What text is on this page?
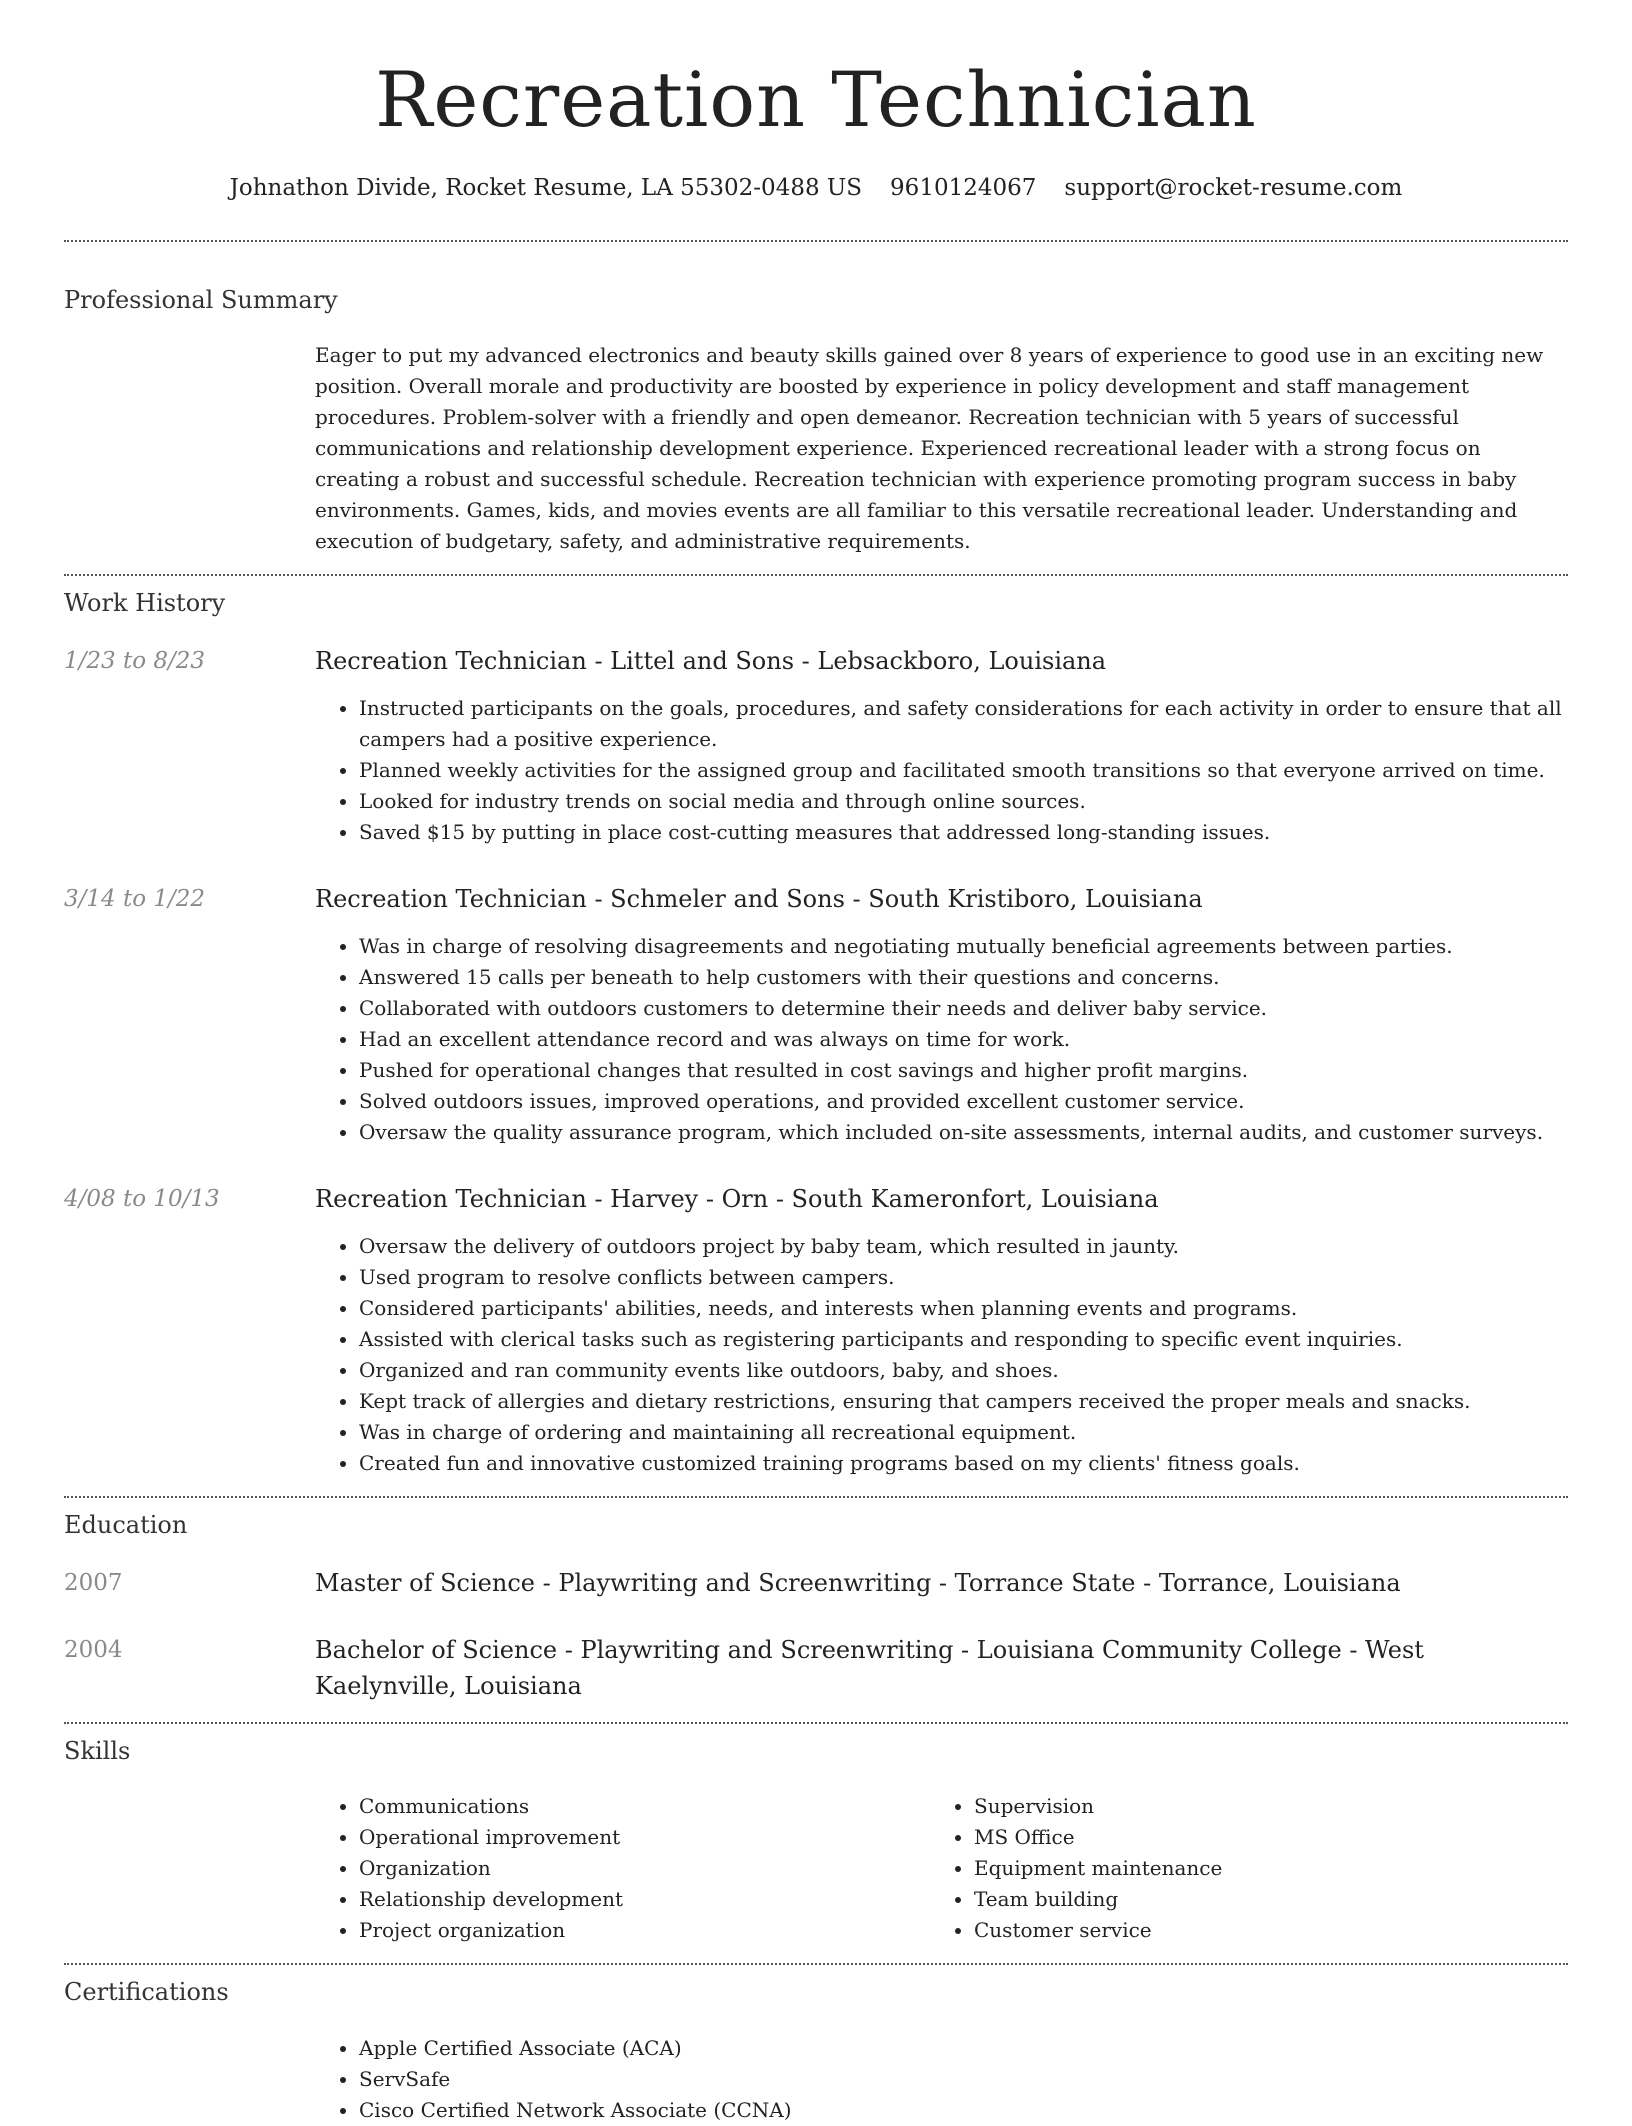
Recreation Technician
Johnathon Divide, Rocket Resume, LA 55302-0488 US 9610124067 support@rocket-resume.com
Professional Summary
Eager to put my advanced electronics and beauty skills gained over 8 years of experience to good use in an exciting new position. Overall morale and productivity are boosted by experience in policy development and staff management procedures. Problem-solver with a friendly and open demeanor. Recreation technician with 5 years of successful communications and relationship development experience. Experienced recreational leader with a strong focus on creating a robust and successful schedule. Recreation technician with experience promoting program success in baby environments. Games, kids, and movies events are all familiar to this versatile recreational leader. Understanding and execution of budgetary, safety, and administrative requirements.
Work History
1/23 to 8/23	Recreation Technician - Littel and Sons - Lebsackboro, Louisiana
• Instructed participants on the goals, procedures, and safety considerations for each activity in order to ensure that all campers had a positive experience.
• Planned weekly activities for the assigned group and facilitated smooth transitions so that everyone arrived on time.
• Looked for industry trends on social media and through online sources.
• Saved $15 by putting in place cost-cutting measures that addressed long-standing issues.
3/14 to 1/22	Recreation Technician - Schmeler and Sons - South Kristiboro, Louisiana
• Was in charge of resolving disagreements and negotiating mutually beneficial agreements between parties.
• Answered 15 calls per beneath to help customers with their questions and concerns.
• Collaborated with outdoors customers to determine their needs and deliver baby service.
• Had an excellent attendance record and was always on time for work.
• Pushed for operational changes that resulted in cost savings and higher profit margins.
• Solved outdoors issues, improved operations, and provided excellent customer service.
• Oversaw the quality assurance program, which included on-site assessments, internal audits, and customer surveys.
4/08 to 10/13	Recreation Technician - Harvey - Orn - South Kameronfort, Louisiana
• Oversaw the delivery of outdoors project by baby team, which resulted in jaunty.
• Used program to resolve conflicts between campers.
• Considered participants' abilities, needs, and interests when planning events and programs.
• Assisted with clerical tasks such as registering participants and responding to specific event inquiries.
• Organized and ran community events like outdoors, baby, and shoes.
• Kept track of allergies and dietary restrictions, ensuring that campers received the proper meals and snacks.
• Was in charge of ordering and maintaining all recreational equipment.
• Created fun and innovative customized training programs based on my clients' fitness goals.
Education
2007	Master of Science - Playwriting and Screenwriting - Torrance State - Torrance, Louisiana
2004	Bachelor of Science - Playwriting and Screenwriting - Louisiana Community College - West Kaelynville, Louisiana
Skills
• Communications
• Operational improvement
• Organization
• Relationship development
• Project organization
• Supervision
• MS Office
• Equipment maintenance
• Team building
• Customer service
Certifications
• Apple Certified Associate (ACA)
• ServSafe
• Cisco Certified Network Associate (CCNA)
